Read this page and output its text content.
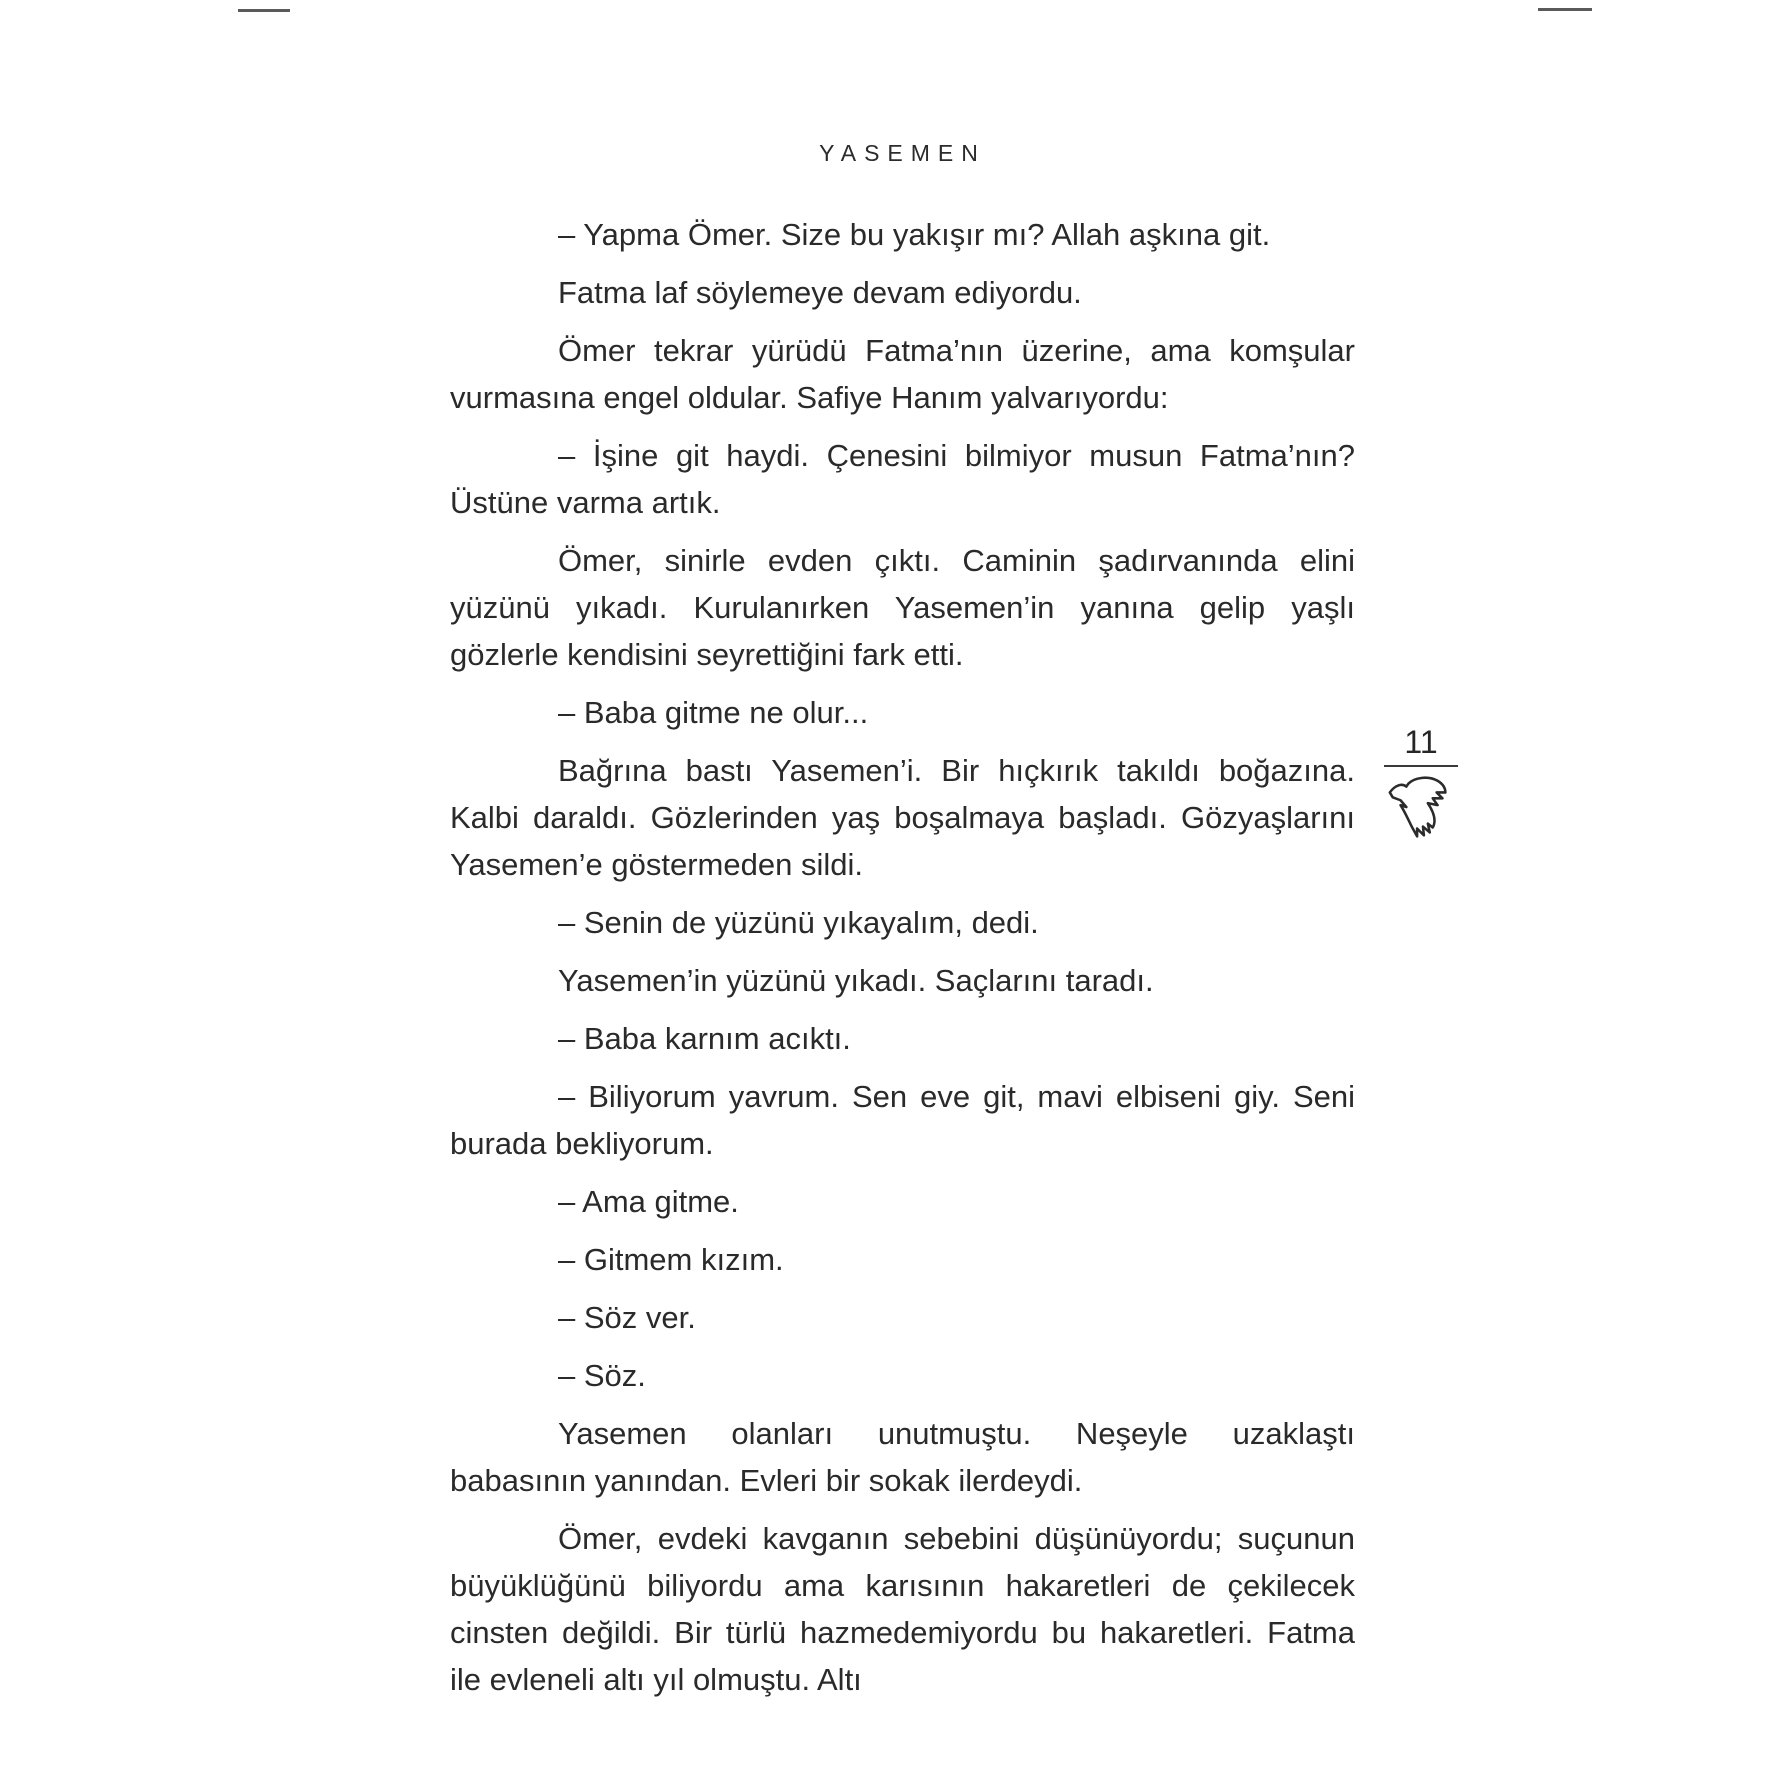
YASEMEN

– Yapma Ömer. Size bu yakışır mı? Allah aşkına git.

Fatma laf söylemeye devam ediyordu.

Ömer tekrar yürüdü Fatma’nın üzerine, ama komşular vurmasına engel oldular. Safiye Hanım yalvarıyordu:

– İşine git haydi. Çenesini bilmiyor musun Fatma’nın? Üstüne varma artık.

Ömer, sinirle evden çıktı. Caminin şadırvanında elini yüzünü yıkadı. Kurulanırken Yasemen’in yanına gelip yaşlı gözlerle kendisini seyrettiğini fark etti.

– Baba gitme ne olur...

Bağrına bastı Yasemen’i. Bir hıçkırık takıldı boğazına. Kalbi daraldı. Gözlerinden yaş boşalmaya başladı. Gözyaşlarını Yasemen’e göstermeden sildi.

– Senin de yüzünü yıkayalım, dedi.

Yasemen’in yüzünü yıkadı. Saçlarını taradı.

– Baba karnım acıktı.

– Biliyorum yavrum. Sen eve git, mavi elbiseni giy. Seni burada bekliyorum.

– Ama gitme.

– Gitmem kızım.

– Söz ver.

– Söz.

Yasemen olanları unutmuştu. Neşeyle uzaklaştı babasının yanından. Evleri bir sokak ilerdeydi.

Ömer, evdeki kavganın sebebini düşünüyordu; suçunun büyüklüğünü biliyordu ama karısının hakaretleri de çekilecek cinsten değildi. Bir türlü hazmedemiyordu bu hakaretleri. Fatma ile evleneli altı yıl olmuştu. Altı

11
